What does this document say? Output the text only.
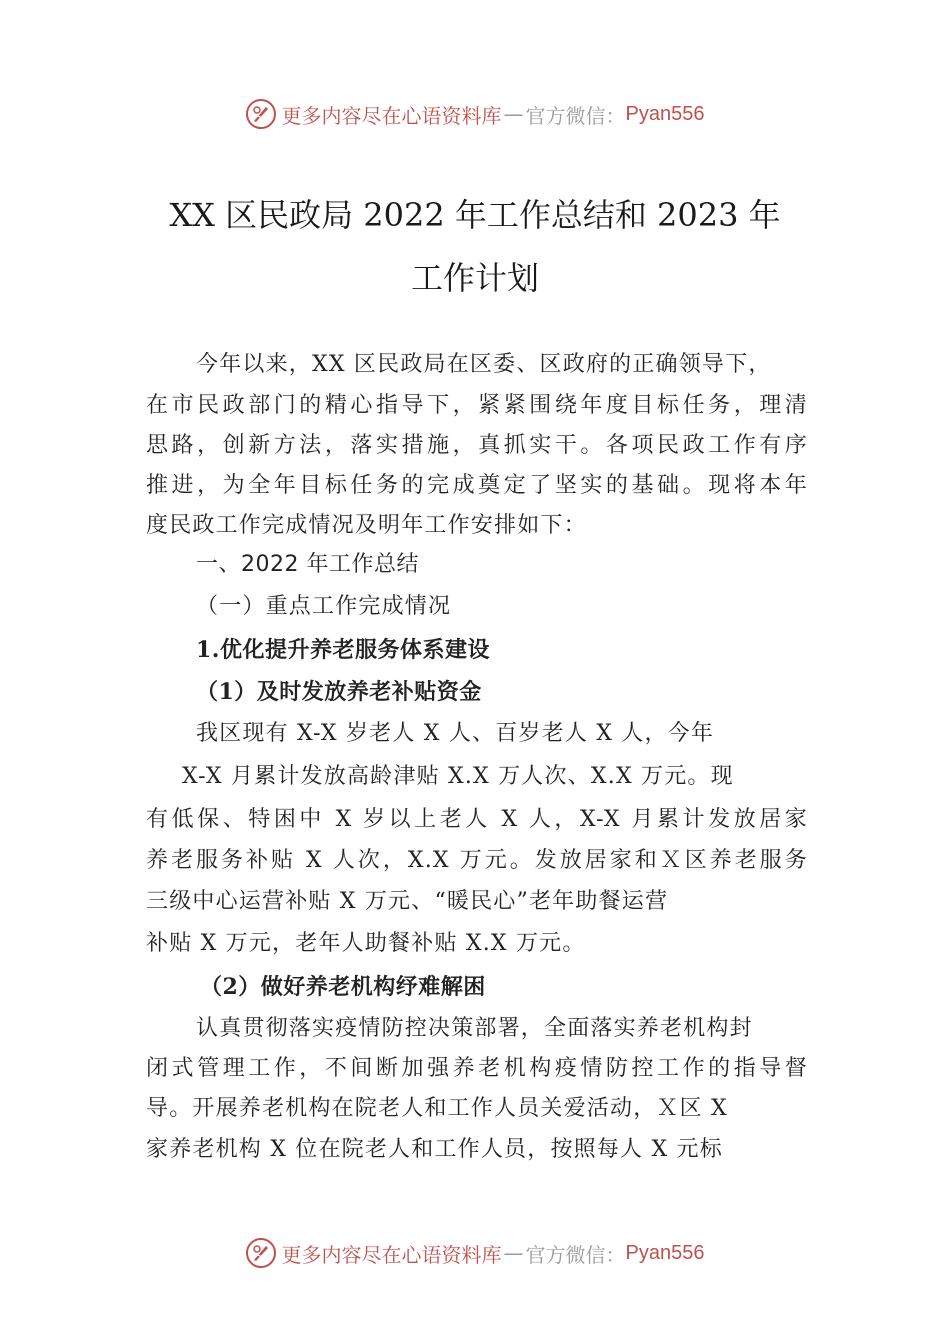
更多内容尽在心语资料库 — 官方微信： Pyan556
XX 区民政局 2022 年工作总结和 2023 年
工作计划
今年以来，XX 区民政局在区委、区政府的正确领导下，
在市民政部门的精心指导下，紧紧围绕年度目标任务，理清
思路，创新方法，落实措施，真抓实干。各项民政工作有序
推进，为全年目标任务的完成奠定了坚实的基础。现将本年
度民政工作完成情况及明年工作安排如下：
一、2022 年工作总结
（一）重点工作完成情况
1.优化提升养老服务体系建设
（1）及时发放养老补贴资金
我区现有 X-X 岁老人 X 人、百岁老人 X 人，今年
X-X 月累计发放高龄津贴 X.X 万人次、X.X 万元。现
有低保、特困中 X 岁以上老人 X 人，X-X 月累计发放居家
养老服务补贴 X 人次，X.X 万元。发放居家和Ｘ区养老服务
三级中心运营补贴 X 万元、“暖民心”老年助餐运营
补贴 X 万元，老年人助餐补贴 X.X 万元。
（2）做好养老机构纾难解困
认真贯彻落实疫情防控决策部署，全面落实养老机构封
闭式管理工作，不间断加强养老机构疫情防控工作的指导督
导。开展养老机构在院老人和工作人员关爱活动，Ｘ区 X
家养老机构 X 位在院老人和工作人员，按照每人 X 元标
更多内容尽在心语资料库 — 官方微信： Pyan556
